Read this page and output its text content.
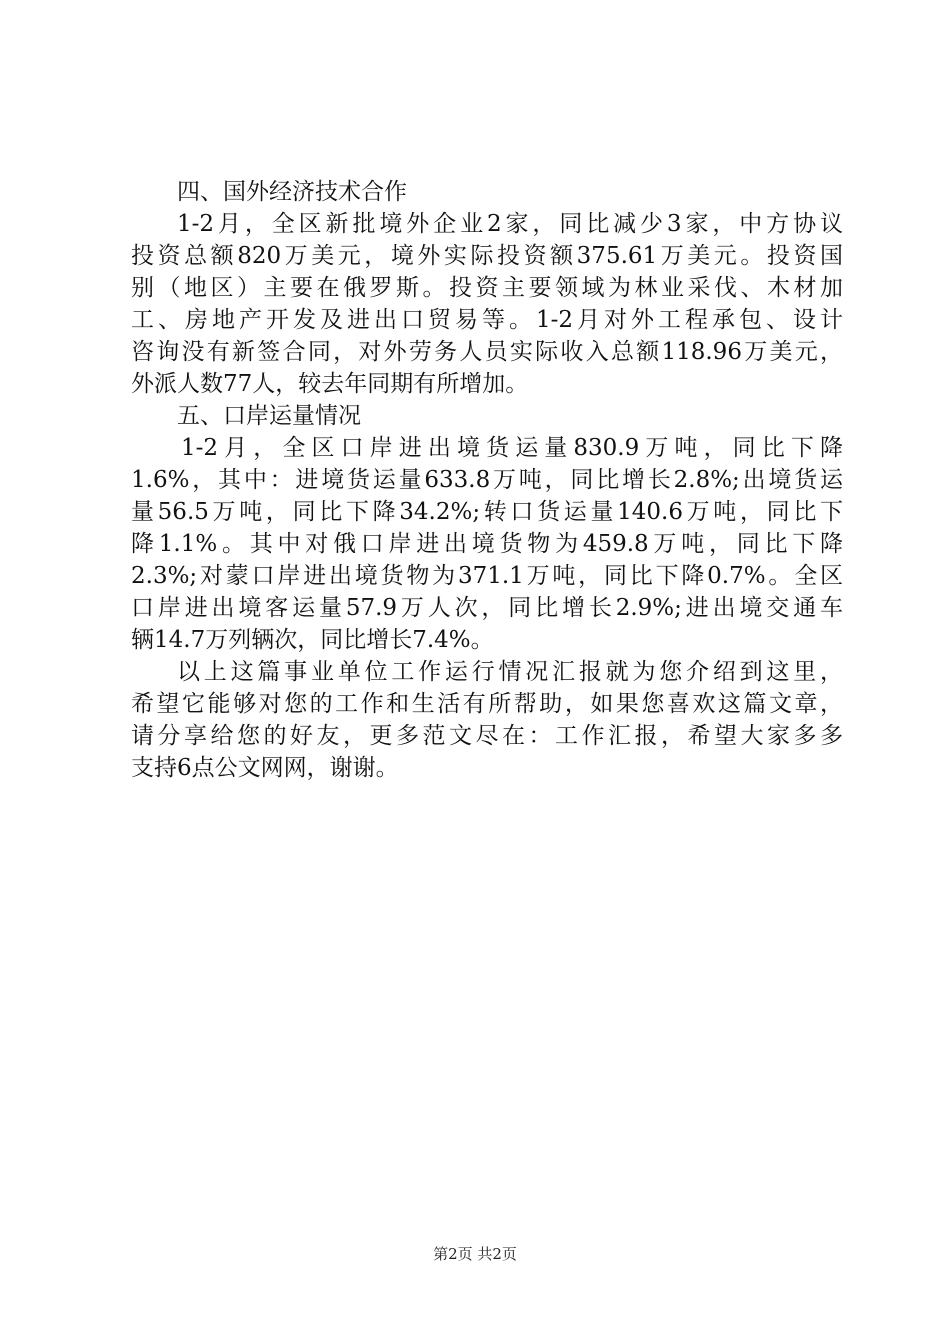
四、国外经济技术合作
1-2月，全区新批境外企业2家，同比减少3家，中方协议
投资总额820万美元，境外实际投资额375.61万美元。投资国
别（地区）主要在俄罗斯。投资主要领域为林业采伐、木材加
工、房地产开发及进出口贸易等。1-2月对外工程承包、设计
咨询没有新签合同，对外劳务人员实际收入总额118.96万美元，
外派人数77人，较去年同期有所增加。
五、口岸运量情况
1-2月，全区口岸进出境货运量830.9万吨，同比下降
1.6%，其中：进境货运量633.8万吨，同比增长2.8%;出境货运
量56.5万吨，同比下降34.2%;转口货运量140.6万吨，同比下
降1.1%。其中对俄口岸进出境货物为459.8万吨，同比下降
2.3%;对蒙口岸进出境货物为371.1万吨，同比下降0.7%。全区
口岸进出境客运量57.9万人次，同比增长2.9%;进出境交通车
辆14.7万列辆次，同比增长7.4%。
以上这篇事业单位工作运行情况汇报就为您介绍到这里，
希望它能够对您的工作和生活有所帮助，如果您喜欢这篇文章，
请分享给您的好友，更多范文尽在：工作汇报，希望大家多多
支持6点公文网网，谢谢。
第2页 共2页
